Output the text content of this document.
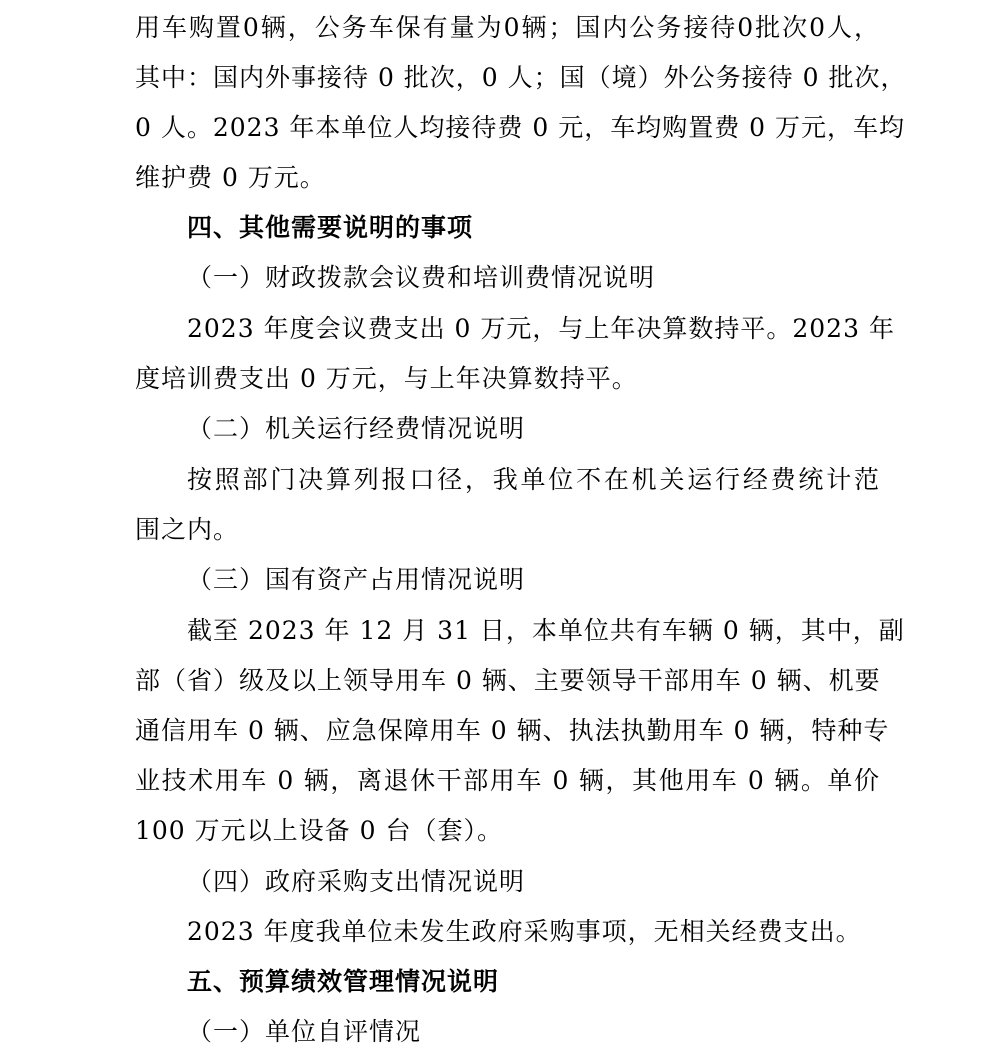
用车购置0辆，公务车保有量为0辆；国内公务接待0批次0人，
其中：国内外事接待 0 批次，0 人；国（境）外公务接待 0 批次，
0 人。2023 年本单位人均接待费 0 元，车均购置费 0 万元，车均
维护费 0 万元。
四、其他需要说明的事项
（一）财政拨款会议费和培训费情况说明
2023 年度会议费支出 0 万元，与上年决算数持平。2023 年
度培训费支出 0 万元，与上年决算数持平。
（二）机关运行经费情况说明
按照部门决算列报口径，我单位不在机关运行经费统计范
围之内。
（三）国有资产占用情况说明
截至 2023 年 12 月 31 日，本单位共有车辆 0 辆，其中，副
部（省）级及以上领导用车 0 辆、主要领导干部用车 0 辆、机要
通信用车 0 辆、应急保障用车 0 辆、执法执勤用车 0 辆，特种专
业技术用车 0 辆，离退休干部用车 0 辆，其他用车 0 辆。单价
100 万元以上设备 0 台（套）。
（四）政府采购支出情况说明
2023 年度我单位未发生政府采购事项，无相关经费支出。
五、预算绩效管理情况说明
（一）单位自评情况
